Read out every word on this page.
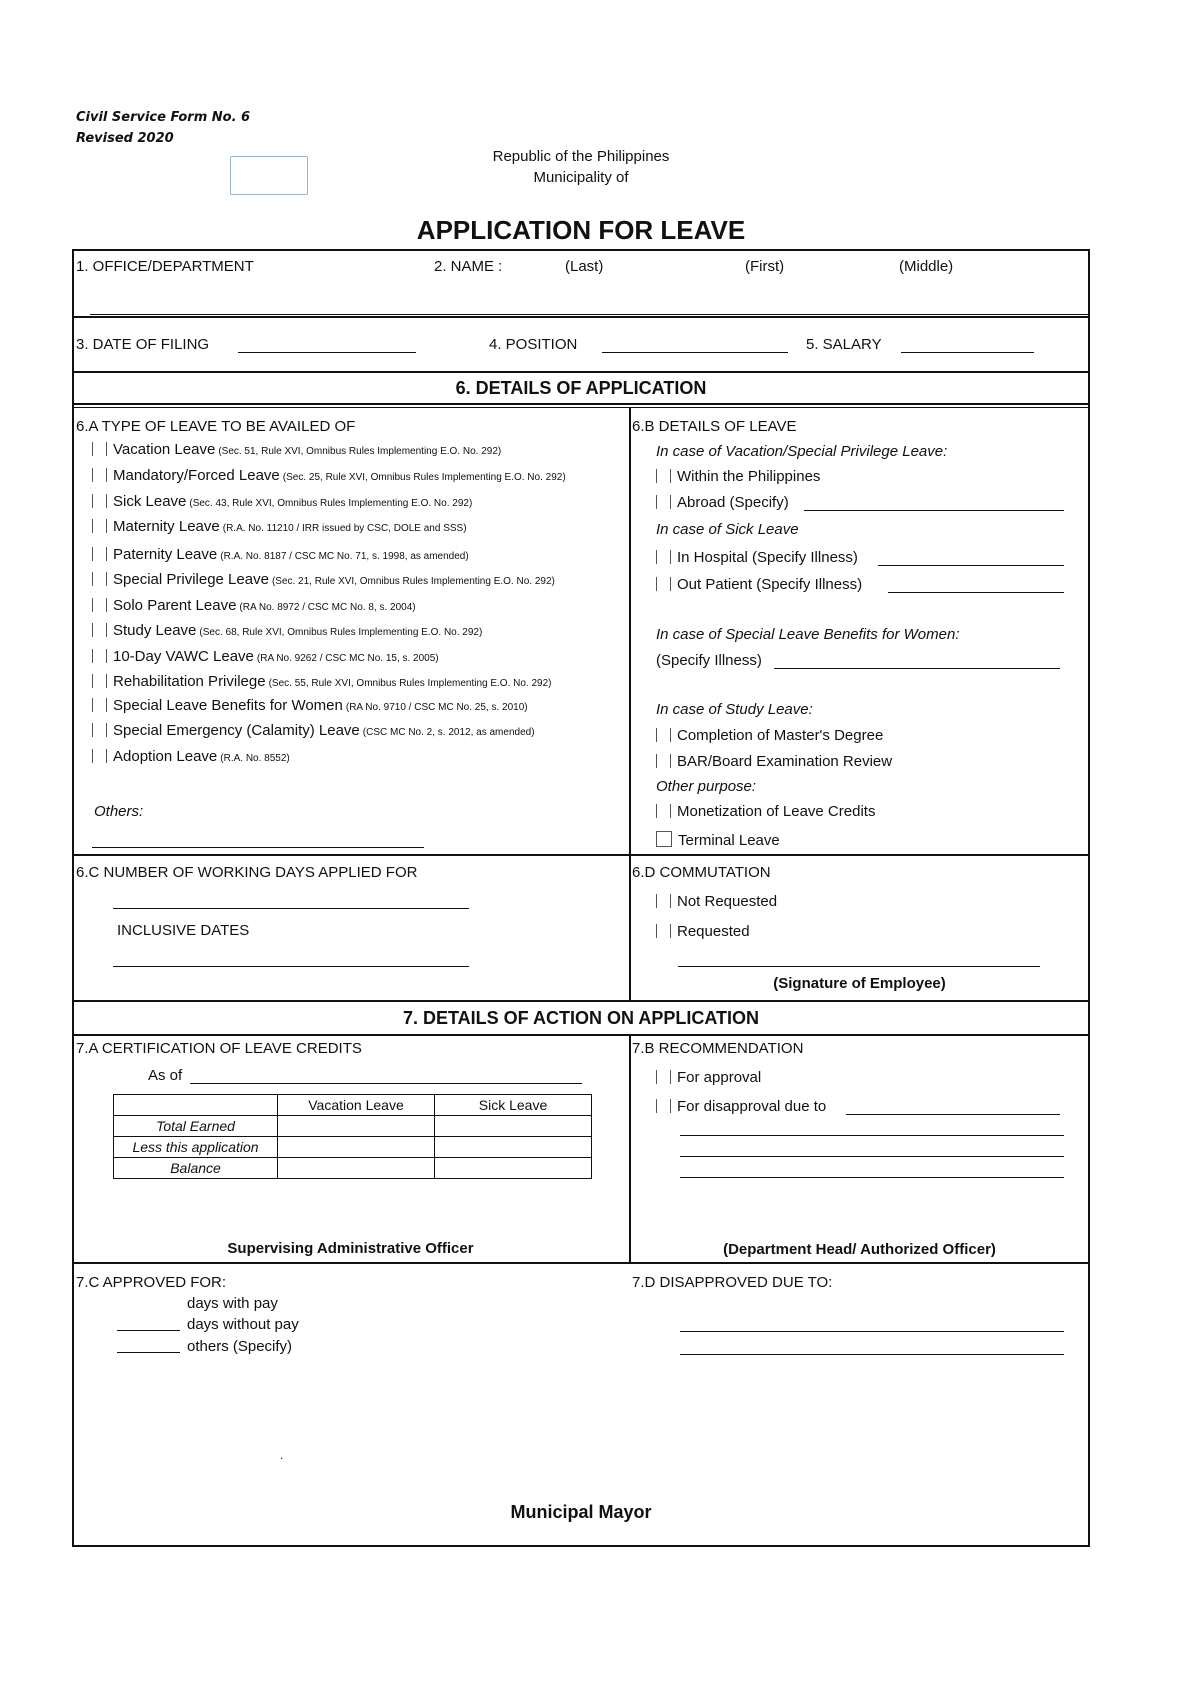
Civil Service Form No. 6
Revised 2020
Republic of the Philippines
Municipality of
APPLICATION FOR LEAVE
1. OFFICE/DEPARTMENT	2. NAME :	(Last)	(First)	(Middle)
3. DATE OF FILING	4. POSITION	5. SALARY
6. DETAILS OF APPLICATION
6.A TYPE OF LEAVE TO BE AVAILED OF
Vacation Leave (Sec. 51, Rule XVI, Omnibus Rules Implementing E.O. No. 292)
Mandatory/Forced Leave (Sec. 25, Rule XVI, Omnibus Rules Implementing E.O. No. 292)
Sick Leave (Sec. 43, Rule XVI, Omnibus Rules Implementing E.O. No. 292)
Maternity Leave (R.A. No. 11210 / IRR issued by CSC, DOLE and SSS)
Paternity Leave (R.A. No. 8187 / CSC MC No. 71, s. 1998, as amended)
Special Privilege Leave (Sec. 21, Rule XVI, Omnibus Rules Implementing E.O. No. 292)
Solo Parent Leave (RA No. 8972 / CSC MC No. 8, s. 2004)
Study Leave (Sec. 68, Rule XVI, Omnibus Rules Implementing E.O. No. 292)
10-Day VAWC Leave (RA No. 9262 / CSC MC No. 15, s. 2005)
Rehabilitation Privilege (Sec. 55, Rule XVI, Omnibus Rules Implementing E.O. No. 292)
Special Leave Benefits for Women (RA No. 9710 / CSC MC No. 25, s. 2010)
Special Emergency (Calamity) Leave (CSC MC No. 2, s. 2012, as amended)
Adoption Leave (R.A. No. 8552)
Others:
6.B DETAILS OF LEAVE
In case of Vacation/Special Privilege Leave:
Within the Philippines
Abroad (Specify)
In case of Sick Leave
In Hospital (Specify Illness)
Out Patient (Specify Illness)
In case of Special Leave Benefits for Women:
(Specify Illness)
In case of Study Leave:
Completion of Master's Degree
BAR/Board Examination Review
Other purpose:
Monetization of Leave Credits
Terminal Leave
6.C NUMBER OF WORKING DAYS APPLIED FOR
INCLUSIVE DATES
6.D COMMUTATION
Not Requested
Requested
(Signature of Employee)
7. DETAILS OF ACTION ON APPLICATION
7.A CERTIFICATION OF LEAVE CREDITS
As of
	Vacation Leave	Sick Leave
Total Earned		
Less this application		
Balance		
Supervising Administrative Officer
7.B RECOMMENDATION
For approval
For disapproval due to
(Department Head/ Authorized Officer)
7.C APPROVED FOR:
days with pay
days without pay
others (Specify)
7.D DISAPPROVED DUE TO:
.
Municipal Mayor
